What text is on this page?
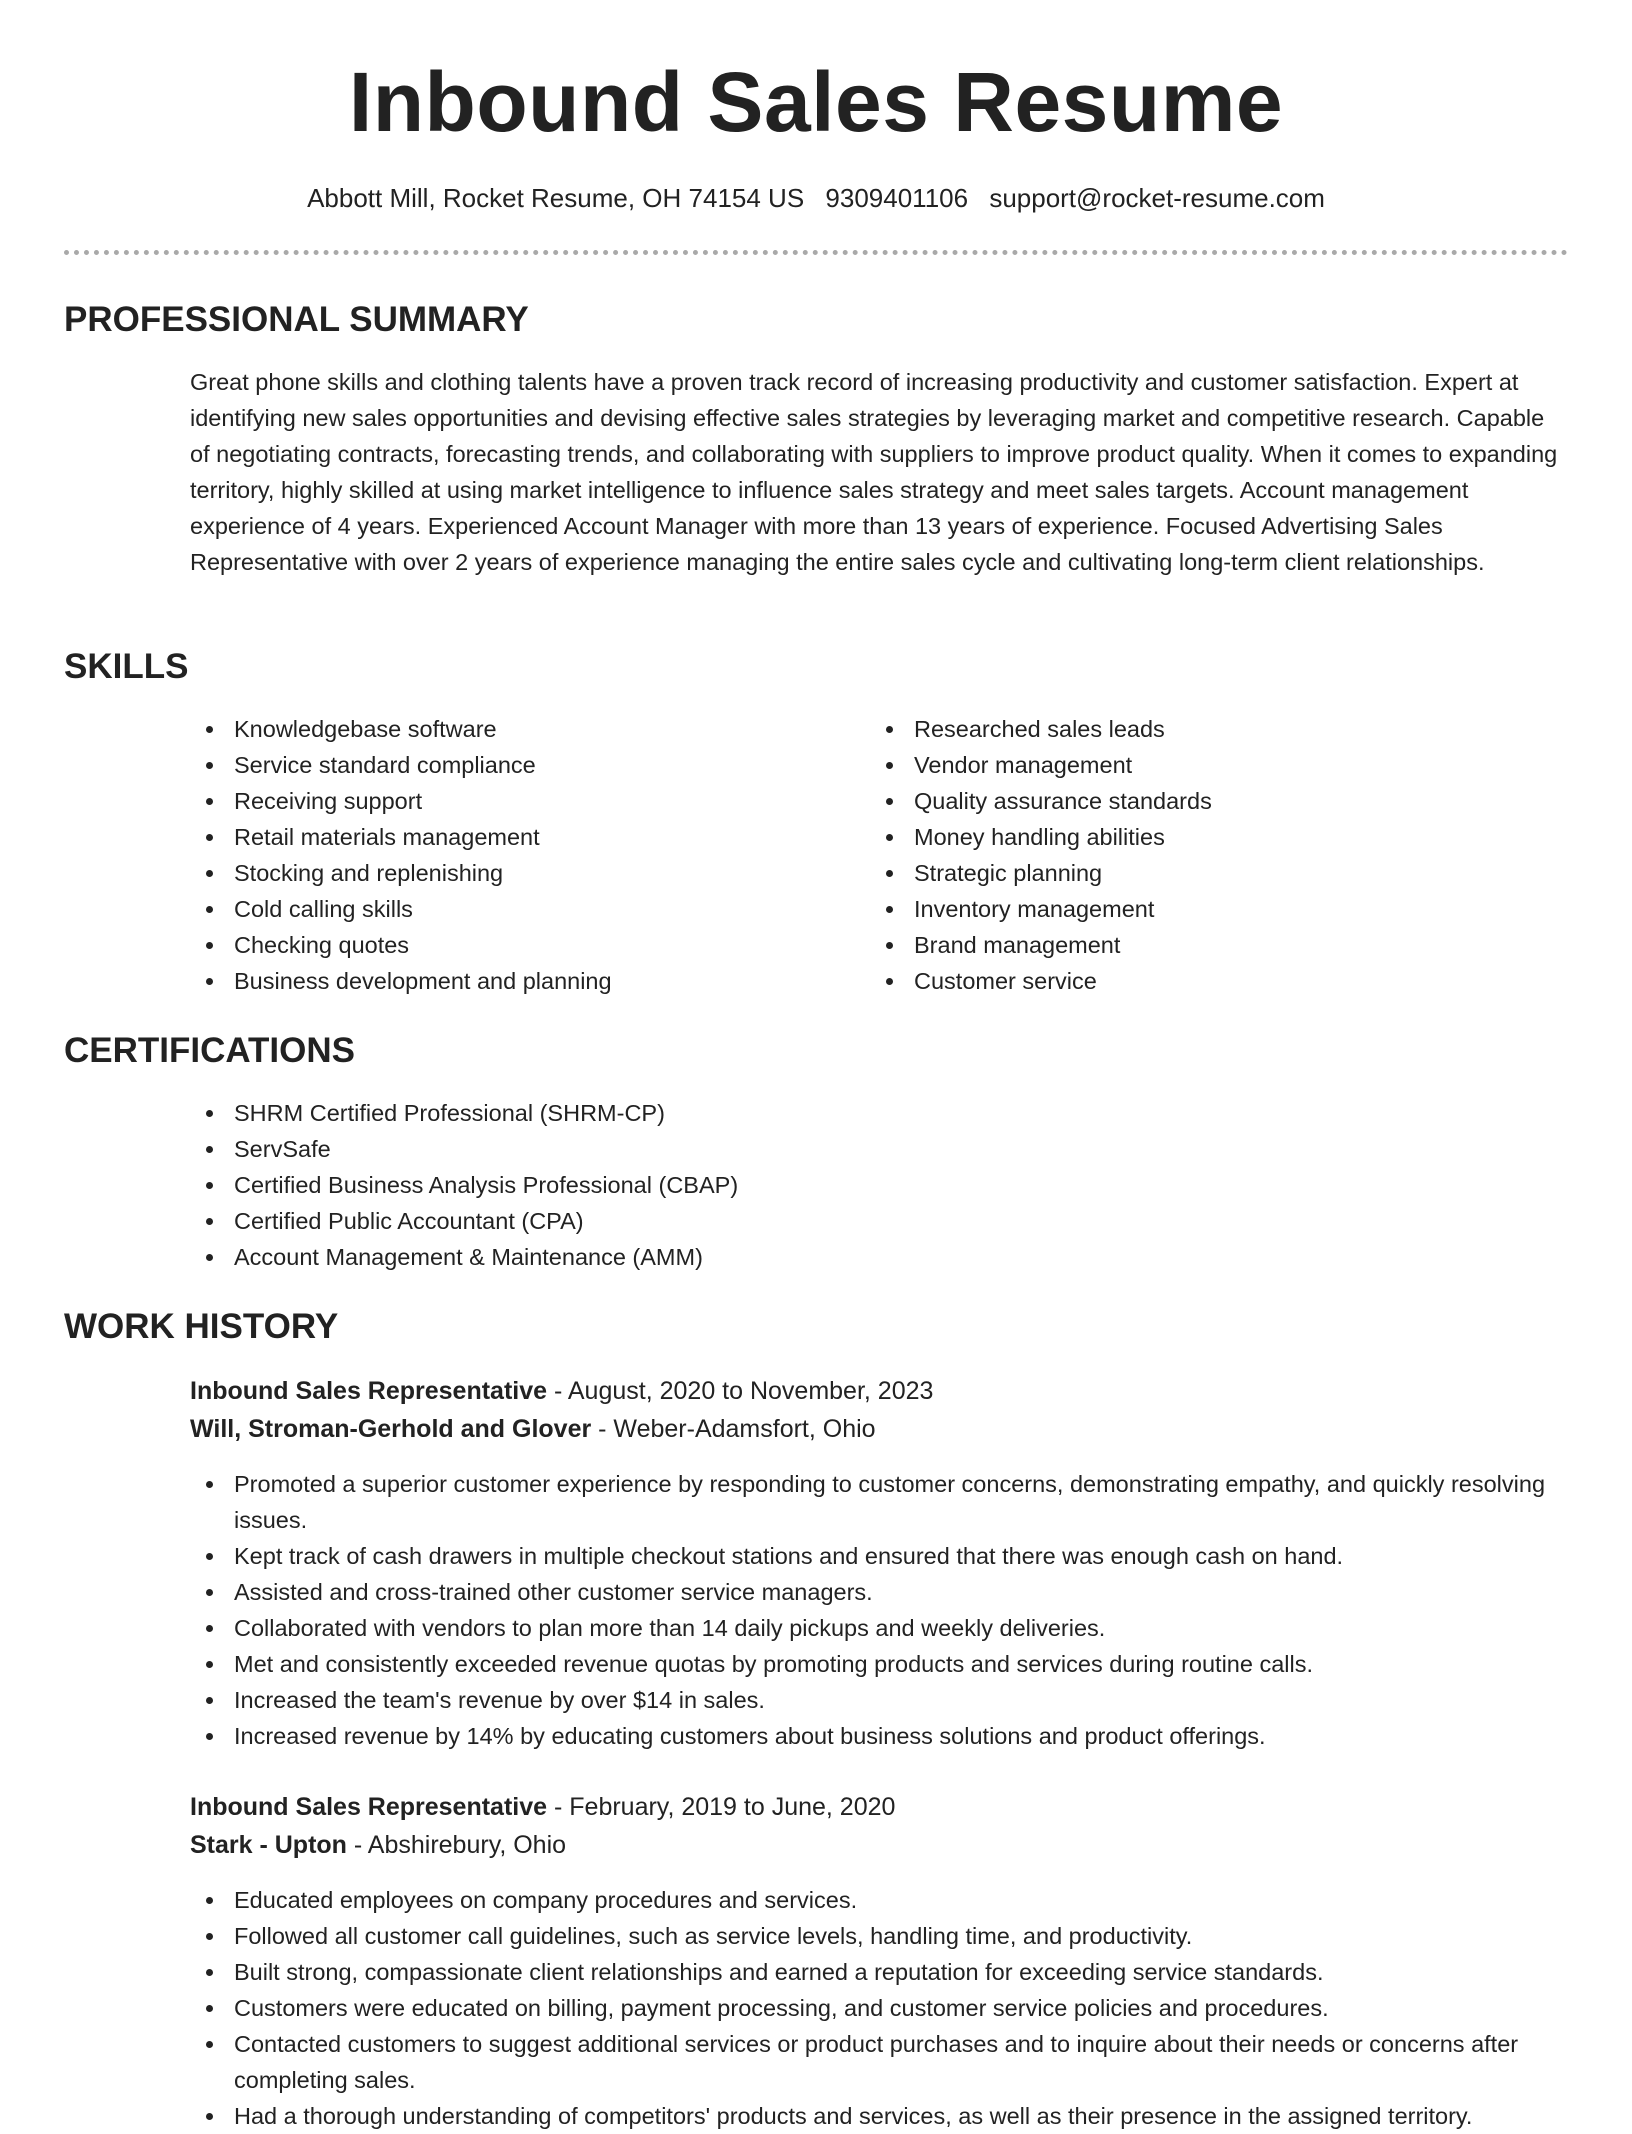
Inbound Sales Resume
Abbott Mill, Rocket Resume, OH 74154 US 9309401106 support@rocket-resume.com
PROFESSIONAL SUMMARY

Great phone skills and clothing talents have a proven track record of increasing productivity and customer satisfaction. Expert at identifying new sales opportunities and devising effective sales strategies by leveraging market and competitive research. Capable of negotiating contracts, forecasting trends, and collaborating with suppliers to improve product quality. When it comes to expanding territory, highly skilled at using market intelligence to influence sales strategy and meet sales targets. Account management experience of 4 years. Experienced Account Manager with more than 13 years of experience. Focused Advertising Sales Representative with over 2 years of experience managing the entire sales cycle and cultivating long-term client relationships.

SKILLS
Knowledgebase software
Service standard compliance
Receiving support
Retail materials management
Stocking and replenishing
Cold calling skills
Checking quotes
Business development and planning
Researched sales leads
Vendor management
Quality assurance standards
Money handling abilities
Strategic planning
Inventory management
Brand management
Customer service
CERTIFICATIONS
SHRM Certified Professional (SHRM-CP)
ServSafe
Certified Business Analysis Professional (CBAP)
Certified Public Accountant (CPA)
Account Management & Maintenance (AMM)
WORK HISTORY
Inbound Sales Representative - August, 2020 to November, 2023
Will, Stroman-Gerhold and Glover - Weber-Adamsfort, Ohio
Promoted a superior customer experience by responding to customer concerns, demonstrating empathy, and quickly resolving issues.
Kept track of cash drawers in multiple checkout stations and ensured that there was enough cash on hand.
Assisted and cross-trained other customer service managers.
Collaborated with vendors to plan more than 14 daily pickups and weekly deliveries.
Met and consistently exceeded revenue quotas by promoting products and services during routine calls.
Increased the team's revenue by over $14 in sales.
Increased revenue by 14% by educating customers about business solutions and product offerings.
Inbound Sales Representative - February, 2019 to June, 2020
Stark - Upton - Abshirebury, Ohio
Educated employees on company procedures and services.
Followed all customer call guidelines, such as service levels, handling time, and productivity.
Built strong, compassionate client relationships and earned a reputation for exceeding service standards.
Customers were educated on billing, payment processing, and customer service policies and procedures.
Contacted customers to suggest additional services or product purchases and to inquire about their needs or concerns after completing sales.
Had a thorough understanding of competitors' products and services, as well as their presence in the assigned territory.
